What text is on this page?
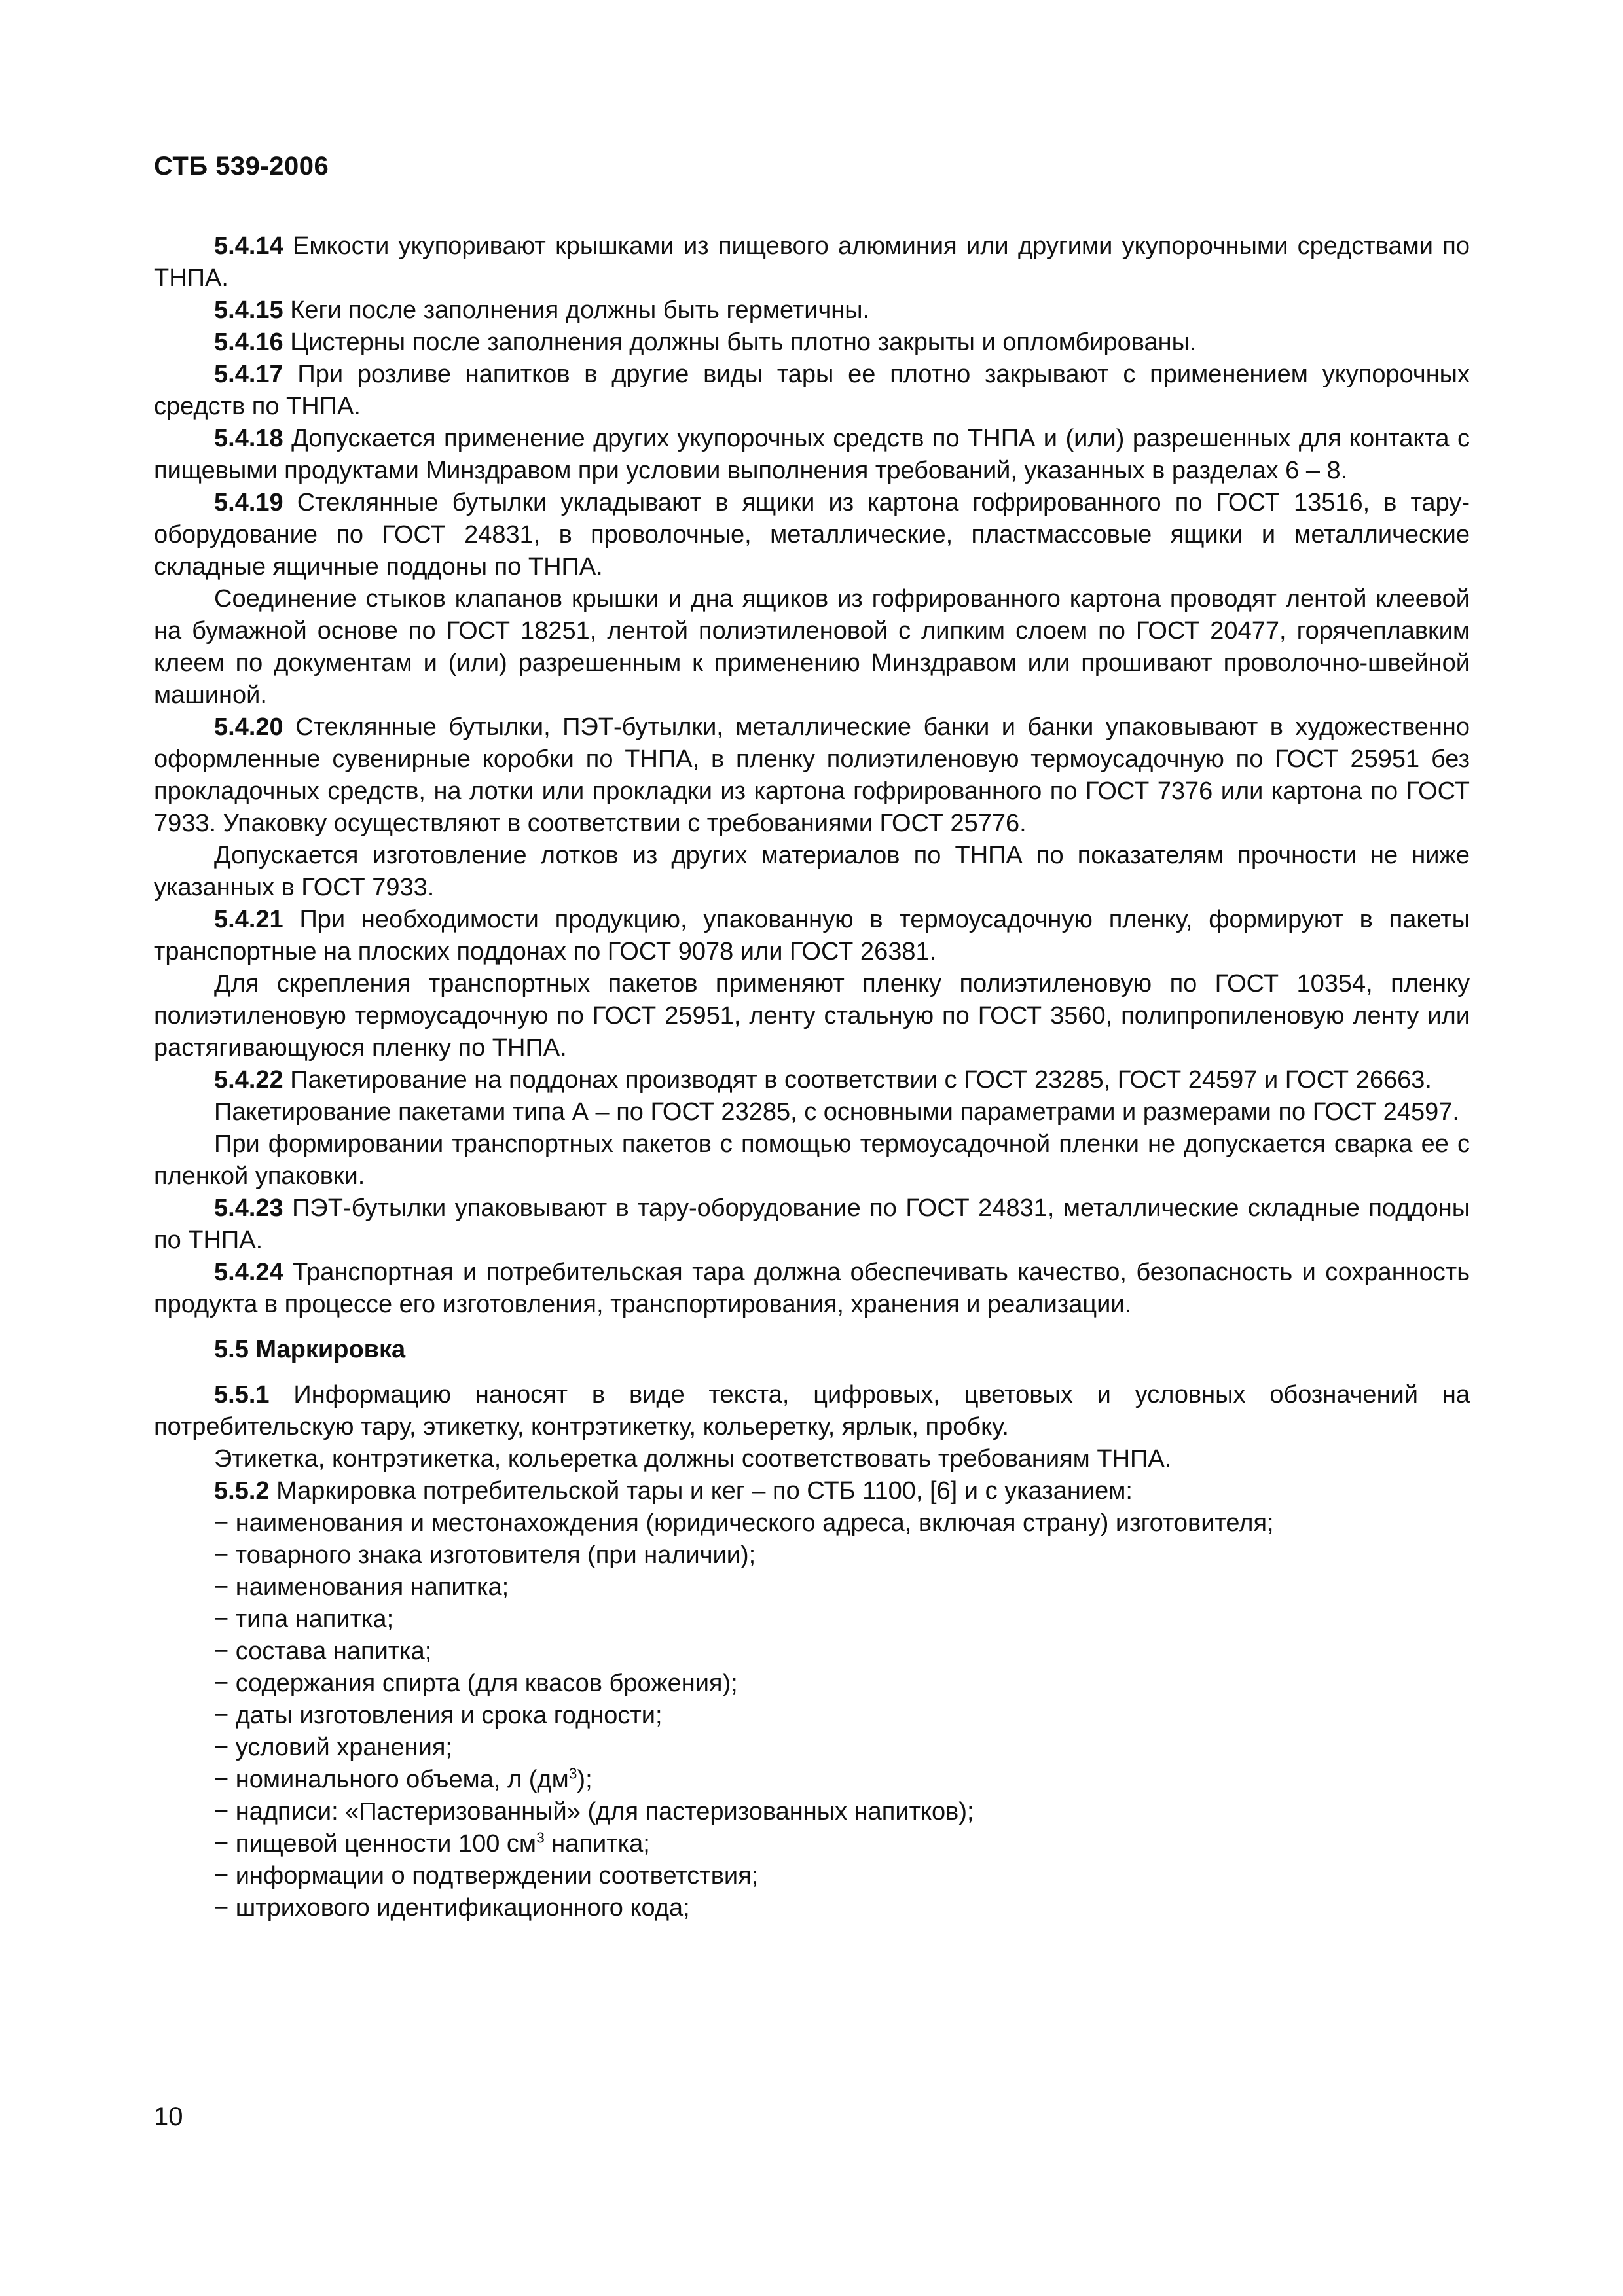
СТБ 539-2006

5.4.14 Емкости укупоривают крышками из пищевого алюминия или другими укупорочными средствами по ТНПА.

5.4.15 Кеги после заполнения должны быть герметичны.

5.4.16 Цистерны после заполнения должны быть плотно закрыты и опломбированы.

5.4.17 При розливе напитков в другие виды тары ее плотно закрывают с применением укупорочных средств по ТНПА.

5.4.18 Допускается применение других укупорочных средств по ТНПА и (или) разрешенных для контакта с пищевыми продуктами Минздравом при условии выполнения требований, указанных в разделах 6 – 8.

5.4.19 Стеклянные бутылки укладывают в ящики из картона гофрированного по ГОСТ 13516, в тару-оборудование по ГОСТ 24831, в проволочные, металлические, пластмассовые ящики и металлические складные ящичные поддоны по ТНПА.

Соединение стыков клапанов крышки и дна ящиков из гофрированного картона проводят лентой клеевой на бумажной основе по ГОСТ 18251, лентой полиэтиленовой с липким слоем по ГОСТ 20477, горячеплавким клеем по документам и (или) разрешенным к применению Минздравом или прошивают проволочно-швейной машиной.

5.4.20 Стеклянные бутылки, ПЭТ-бутылки, металлические банки и банки упаковывают в художественно оформленные сувенирные коробки по ТНПА, в пленку полиэтиленовую термоусадочную по ГОСТ 25951 без прокладочных средств, на лотки или прокладки из картона гофрированного по ГОСТ 7376 или картона по ГОСТ 7933. Упаковку осуществляют в соответствии с требованиями ГОСТ 25776.

Допускается изготовление лотков из других материалов по ТНПА по показателям прочности не ниже указанных в ГОСТ 7933.

5.4.21 При необходимости продукцию, упакованную в термоусадочную пленку, формируют в пакеты транспортные на плоских поддонах по ГОСТ 9078 или ГОСТ 26381.

Для скрепления транспортных пакетов применяют пленку полиэтиленовую по ГОСТ 10354, пленку полиэтиленовую термоусадочную по ГОСТ 25951, ленту стальную по ГОСТ 3560, полипропиленовую ленту или растягивающуюся пленку по ТНПА.

5.4.22 Пакетирование на поддонах производят в соответствии с ГОСТ 23285, ГОСТ 24597 и ГОСТ 26663.

Пакетирование пакетами типа А – по ГОСТ 23285, с основными параметрами и размерами по ГОСТ 24597.

При формировании транспортных пакетов с помощью термоусадочной пленки не допускается сварка ее с пленкой упаковки.

5.4.23 ПЭТ-бутылки упаковывают в тару-оборудование по ГОСТ 24831, металлические складные поддоны по ТНПА.

5.4.24 Транспортная и потребительская тара должна обеспечивать качество, безопасность и сохранность продукта в процессе его изготовления, транспортирования, хранения и реализации.

5.5 Маркировка

5.5.1 Информацию наносят в виде текста, цифровых, цветовых и условных обозначений на потребительскую тару, этикетку, контрэтикетку, кольеретку, ярлык, пробку.

Этикетка, контрэтикетка, кольеретка должны соответствовать требованиям ТНПА.

5.5.2 Маркировка потребительской тары и кег – по СТБ 1100, [6] и с указанием:

− наименования и местонахождения (юридического адреса, включая страну) изготовителя;
− товарного знака изготовителя (при наличии);
− наименования напитка;
− типа напитка;
− состава напитка;
− содержания спирта (для квасов брожения);
− даты изготовления и срока годности;
− условий хранения;
− номинального объема, л $(дм^3)$;
− надписи: «Пастеризованный» (для пастеризованных напитков);
− пищевой ценности 100 $см^3$ напитка;
− информации о подтверждении соответствия;
− штрихового идентификационного кода;
10
